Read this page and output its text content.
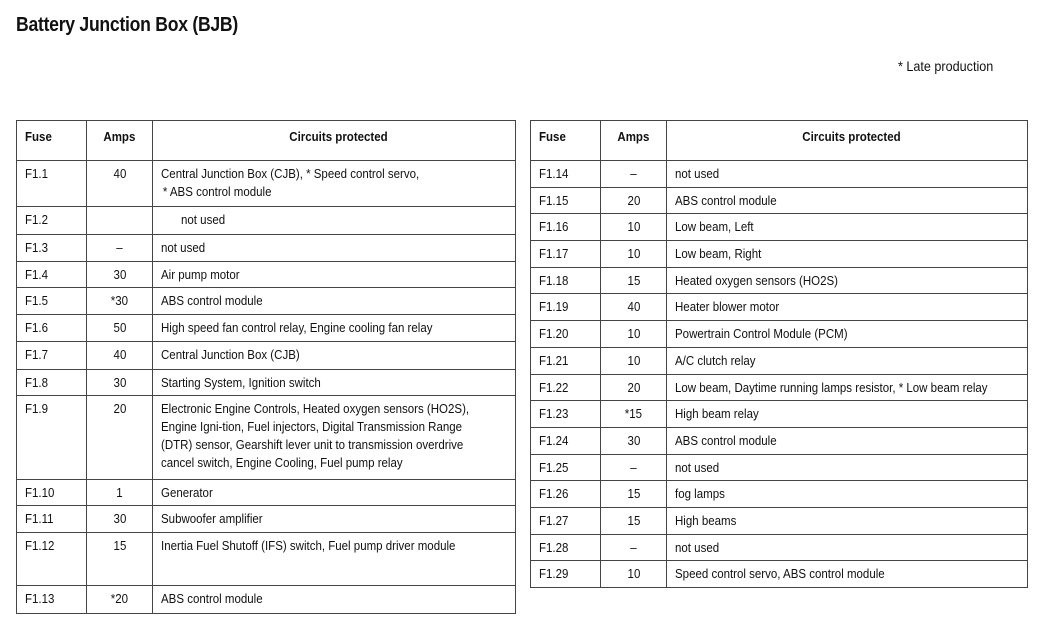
Battery Junction Box (BJB)
* Late production
Fuse	Amps	Circuits protected
F1.1	40	Central Junction Box (CJB), * Speed control servo,
* ABS control module
F1.2		not used
F1.3	–	not used
F1.4	30	Air pump motor
F1.5	*30	ABS control module
F1.6	50	High speed fan control relay, Engine cooling fan relay
F1.7	40	Central Junction Box (CJB)
F1.8	30	Starting System, Ignition switch
F1.9	20	Electronic Engine Controls, Heated oxygen sensors (HO2S), Engine Igni-tion, Fuel injectors, Digital Transmission Range (DTR) sensor, Gearshift lever unit to transmission overdrive cancel switch, Engine Cooling, Fuel pump relay

F1.10	1	Generator
F1.11	30	Subwoofer amplifier
F1.12	15	Inertia Fuel Shutoff (IFS) switch, Fuel pump driver module
F1.13	*20	ABS control module
Fuse	Amps	Circuits protected
F1.14	–	not used
F1.15	20	ABS control module
F1.16	10	Low beam, Left
F1.17	10	Low beam, Right
F1.18	15	Heated oxygen sensors (HO2S)
F1.19	40	Heater blower motor
F1.20	10	Powertrain Control Module (PCM)
F1.21	10	A/C clutch relay
F1.22	20	Low beam, Daytime running lamps resistor, * Low beam relay
F1.23	*15	High beam relay
F1.24	30	ABS control module
F1.25	–	not used
F1.26	15	fog lamps
F1.27	15	High beams
F1.28	–	not used
F1.29	10	Speed control servo, ABS control module
